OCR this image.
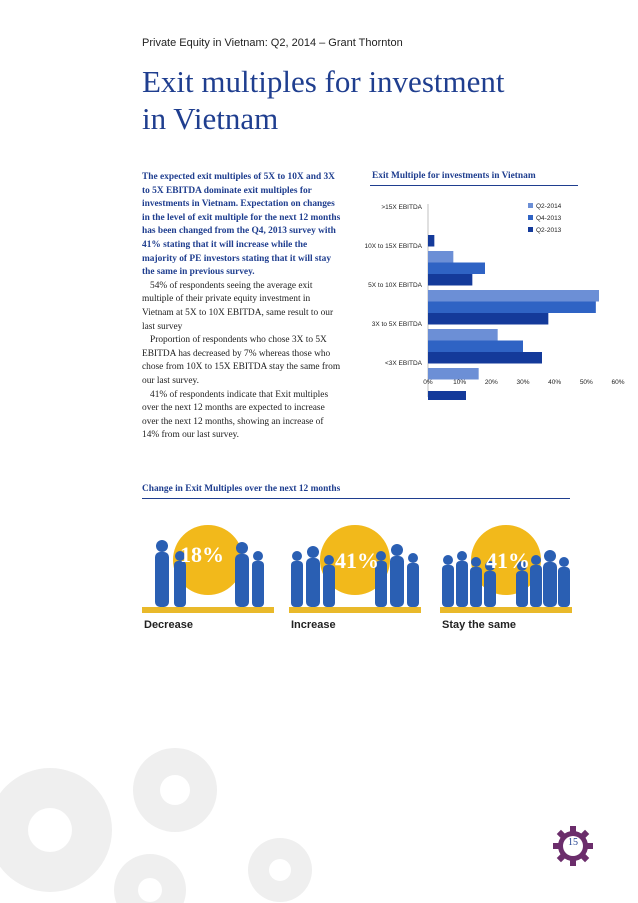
Private Equity in Vietnam: Q2, 2014 – Grant Thornton
Exit multiples for investment
in Vietnam

The expected exit multiples of 5X to 10X and 3X to 5X EBITDA dominate exit multiples for investments in Vietnam. Expectation on changes in the level of exit multiple for the next 12 months has been changed from the Q4, 2013 survey with 41% stating that it will increase while the majority of PE investors stating that it will stay the same in previous survey.

54% of respondents seeing the average exit multiple of their private equity investment in Vietnam at 5X to 10X EBITDA, same result to our last survey

Proportion of respondents who chose 3X to 5X EBITDA has decreased by 7% whereas those who chose from 10X to 15X EBITDA stay the same from our last survey.

41% of respondents indicate that Exit multiples over the next 12 months are expected to increase over the next 12 months, showing an increase of 14% from our last survey.

Exit Multiple for investments in Vietnam
>15X EBITDA
10X to 15X EBITDA
5X to 10X EBITDA
3X to 5X EBITDA
<3X EBITDA
0%	10%	20%	30%	40%	50%	60%
Q2-2014
Q4-2013
Q2-2013
Change in Exit Multiples over the next 12 months
18%	41%	41%
Decrease	Increase	Stay the same
15
